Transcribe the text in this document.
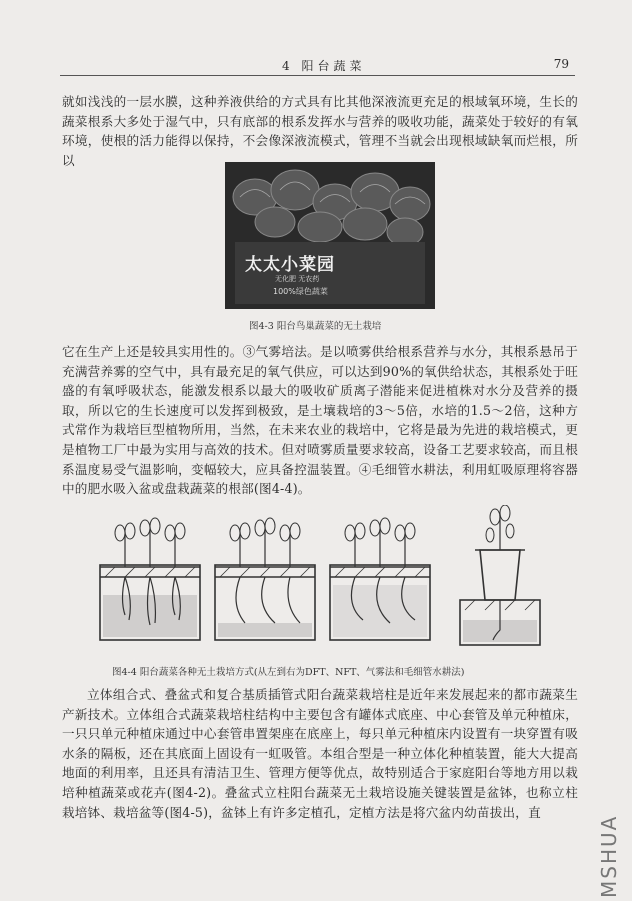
4 阳台蔬菜	79
就如浅浅的一层水膜，这种养液供给的方式具有比其他深液流更充足的根域氧环境，生长的蔬菜根系大多处于湿气中，只有底部的根系发挥水与营养的吸收功能，蔬菜处于较好的有氧环境，使根的活力能得以保持，不会像深液流模式，管理不当就会出现根域缺氧而烂根，所以
太太小菜园
无化肥 无农药
100%绿色蔬菜
图4-3 阳台鸟巢蔬菜的无土栽培
它在生产上还是较具实用性的。③气雾培法。是以喷雾供给根系营养与水分，其根系悬吊于充满营养雾的空气中，具有最充足的氧气供应，可以达到90%的氧供给状态，其根系处于旺盛的有氧呼吸状态，能激发根系以最大的吸收矿质离子潜能来促进植株对水分及营养的摄取，所以它的生长速度可以发挥到极致，是土壤栽培的3～5倍，水培的1.5～2倍，这种方式常作为栽培巨型植物所用，当然，在未来农业的栽培中，它将是最为先进的栽培模式，更是植物工厂中最为实用与高效的技术。但对喷雾质量要求较高，设备工艺要求较高，而且根系温度易受气温影响，变幅较大，应具备控温装置。④毛细管水耕法，利用虹吸原理将容器中的肥水吸入盆或盘栽蔬菜的根部(图4-4)。
图4-4 阳台蔬菜各种无土栽培方式(从左到右为DFT、NFT、气雾法和毛细管水耕法)
立体组合式、叠盆式和复合基质插管式阳台蔬菜栽培柱是近年来发展起来的都市蔬菜生产新技术。立体组合式蔬菜栽培柱结构中主要包含有罐体式底座、中心套管及单元种植床，一只只单元种植床通过中心套管串置架座在底座上，每只单元种植床内设置有一块穿置有吸水条的隔板，还在其底面上固设有一虹吸管。本组合型是一种立体化种植装置，能大大提高地面的利用率，且还具有清洁卫生、管理方便等优点，故特别适合于家庭阳台等地方用以栽培种植蔬菜或花卉(图4-2)。叠盆式立柱阳台蔬菜无土栽培设施关键装置是盆钵，也称立柱栽培钵、栽培盆等(图4-5)，盆钵上有许多定植孔，定植方法是将穴盆内幼苗拔出，直
MSHUA
